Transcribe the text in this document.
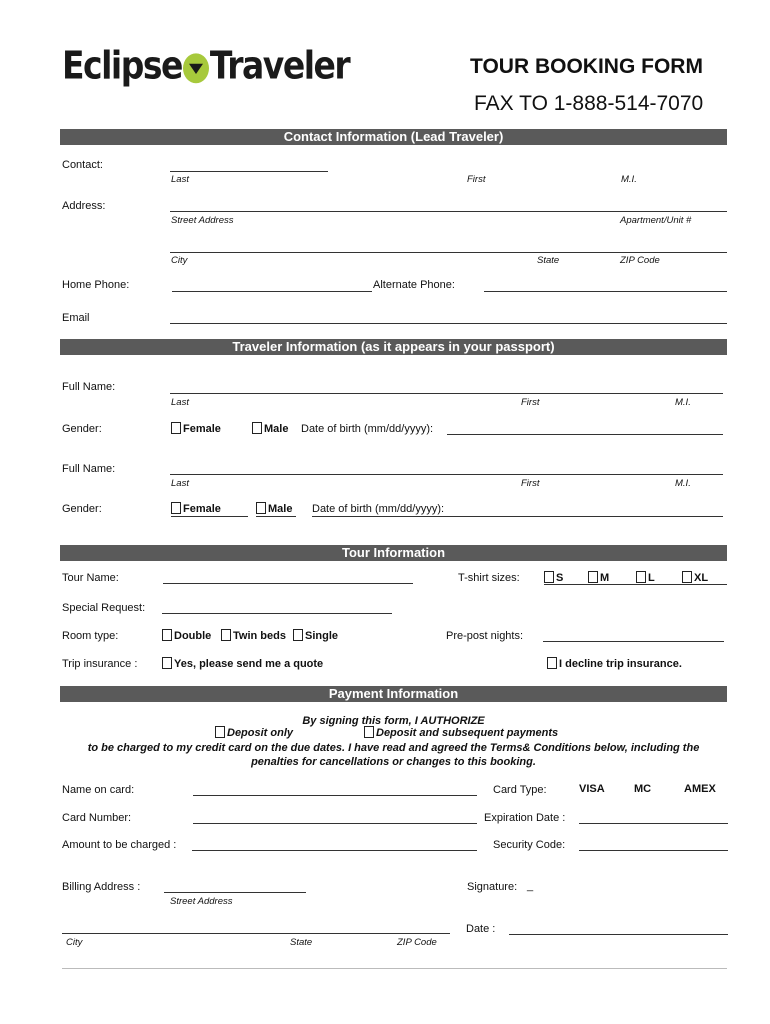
Eclipse Traveler	TOUR BOOKING FORM
FAX TO 1-888-514-7070
Contact Information (Lead Traveler)
Contact:
Last	First	M.I.
Address:
Street Address	Apartment/Unit #
City	State	ZIP Code
Home Phone:	Alternate Phone:
Email
Traveler Information (as it appears in your passport)
Full Name:
Last	First	M.I.
Gender:	Female	Male Date of birth (mm/dd/yyyy):
Full Name:
Last	First	M.I.
Gender:	Female	Male Date of birth (mm/dd/yyyy):
Tour Information
Tour Name:	T-shirt sizes:	S	M	L	XL
Special Request:
Room type:	Double	Twin beds	Single	Pre-post nights:
Trip insurance :	Yes, please send me a quote	I decline trip insurance.
Payment Information
By signing this form, I AUTHORIZE
Deposit only	Deposit and subsequent payments
to be charged to my credit card on the due dates. I have read and agreed the Terms& Conditions below, including the
penalties for cancellations or changes to this booking.
Name on card:	Card Type:	VISA	MC	AMEX
Card Number:	Expiration Date :
Amount to be charged :	Security Code:
Billing Address :	Signature: _
Street Address
Date :
City	State	ZIP Code
